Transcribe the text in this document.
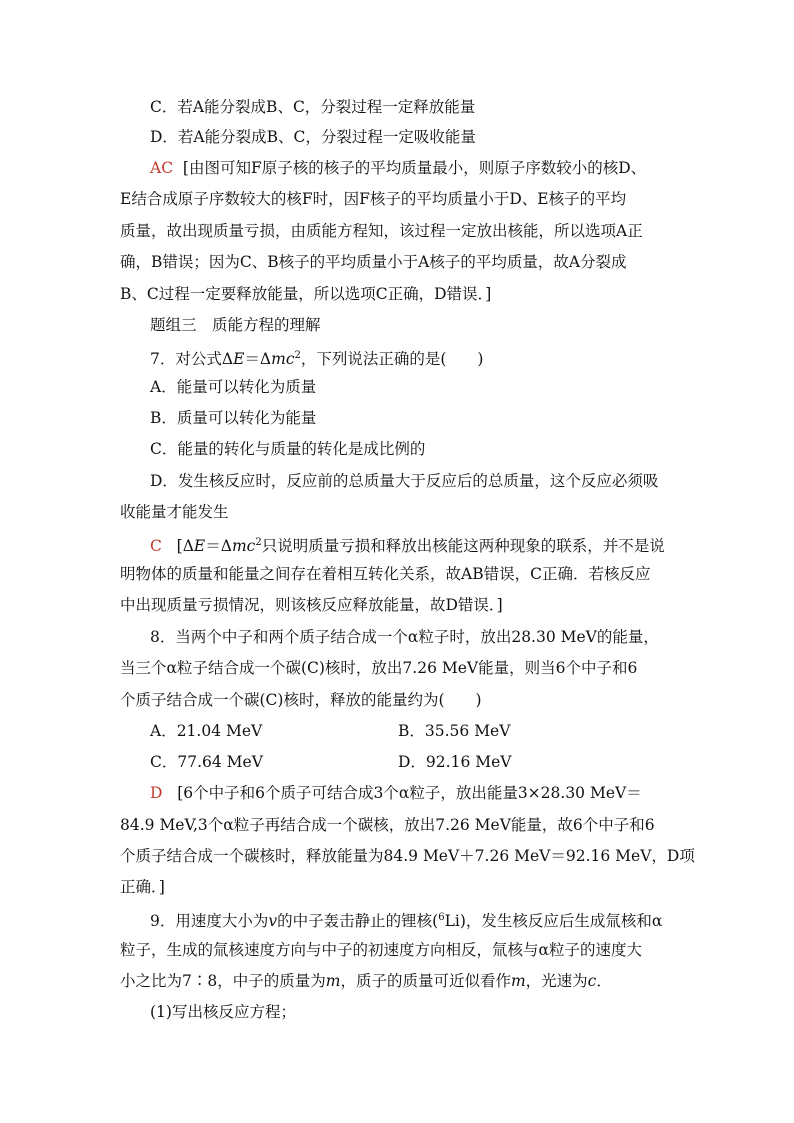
C．若A能分裂成B、C，分裂过程一定释放能量
D．若A能分裂成B、C，分裂过程一定吸收能量
AC [由图可知F原子核的核子的平均质量最小，则原子序数较小的核D、
E结合成原子序数较大的核F时，因F核子的平均质量小于D、E核子的平均
质量，故出现质量亏损，由质能方程知，该过程一定放出核能，所以选项A正
确，B错误；因为C、B核子的平均质量小于A核子的平均质量，故A分裂成
B、C过程一定要释放能量，所以选项C正确，D错误．]
题组三　质能方程的理解
7．对公式ΔE＝Δmc$^2$，下列说法正确的是(　　)
A．能量可以转化为质量
B．质量可以转化为能量
C．能量的转化与质量的转化是成比例的
D．发生核反应时，反应前的总质量大于反应后的总质量，这个反应必须吸
收能量才能发生
C [ΔE＝Δmc$^2$只说明质量亏损和释放出核能这两种现象的联系，并不是说
明物体的质量和能量之间存在着相互转化关系，故AB错误，C正确．若核反应
中出现质量亏损情况，则该核反应释放能量，故D错误．]
8．当两个中子和两个质子结合成一个α粒子时，放出28.30 MeV的能量，
当三个α粒子结合成一个碳(C)核时，放出7.26 MeV能量，则当6个中子和6
个质子结合成一个碳(C)核时，释放的能量约为(　　)
A．21.04 MeV	B．35.56 MeV
C．77.64 MeV	D．92.16 MeV
D [6个中子和6个质子可结合成3个α粒子，放出能量3×28.30 MeV＝
84.9 MeV,3个α粒子再结合成一个碳核，放出7.26 MeV能量，故6个中子和6
个质子结合成一个碳核时，释放能量为84.9 MeV＋7.26 MeV＝92.16 MeV，D项
正确．]
9．用速度大小为v的中子轰击静止的锂核($^6$Li)，发生核反应后生成氚核和α
粒子，生成的氚核速度方向与中子的初速度方向相反，氚核与α粒子的速度大
小之比为7∶8，中子的质量为m，质子的质量可近似看作m，光速为c．
(1)写出核反应方程；
